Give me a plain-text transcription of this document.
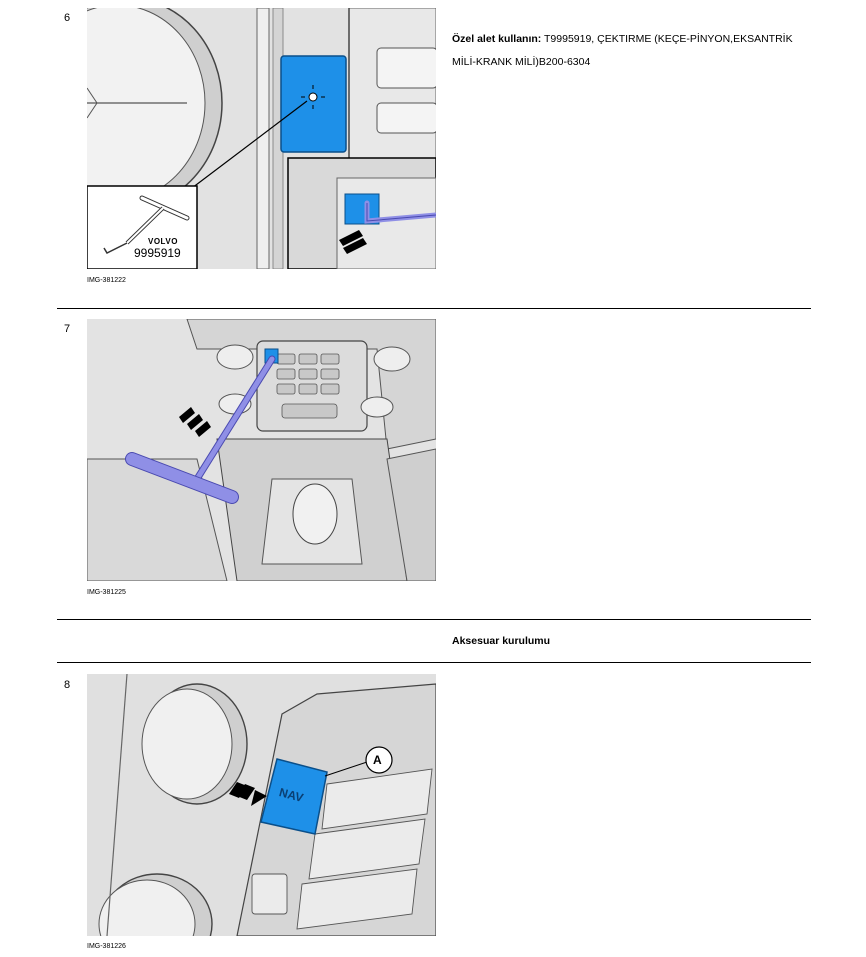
6
VOLVO
9995919
IMG-381222
Özel alet kullanın: T9995919, ÇEKTIRME (KEÇE-PİNYON,EKSANTRİK MİLİ-KRANK MİLİ)B200-6304
7
IMG-381225
Aksesuar kurulumu
8
NAV
A
IMG-381226
